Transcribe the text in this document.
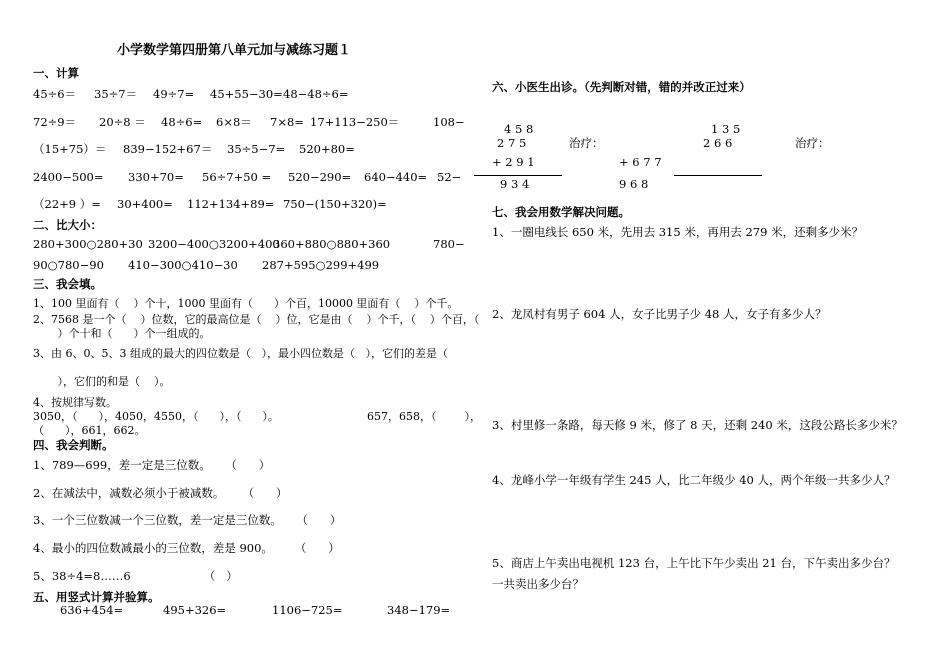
小学数学第四册第八单元加与减练习题１
一、计算
45÷6＝ 35÷7＝ 49÷7= 45+55−30= 48−48÷6=
72÷9＝ 20÷8 ＝ 48÷6= 6×8＝ 7×8= 17+113−250＝	108−
（15+75）＝ 839−152+67＝ 35÷5−7= 520+80=
2400−500= 330+70= 56÷7+50 = 520−290= 640−440= 52−
（22+9 ）= 30+400= 112+134+89= 750−(150+320)=
二、比大小：
280+300○280+30 3200−400○3200+400
360+880○880+360	780−
90○780−90 410−300○410−30 287+595○299+499
三、我会填。
1、100 里面有（    ）个十，1000 里面有（      ）个百，10000 里面有（    ）个千。
2、7568 是一个（    ）位数，它的最高位是（    ）位，它是由（    ）个千，（    ）个百，（
）个十和（      ）个一组成的。
3、由 6、0、5、3 组成的最大的四位数是（   ），最小四位数是（   ），它们的差是（
），它们的和是（    ）。
4、按规律写数。
3050，（      ），4050，4550，（      ），（      ）。	657，658，（        ），
（      ），661，662。
四、我会判断。
1、789—699，差一定是三位数。    （      ）
2、在减法中，减数必须小于被减数。     （      ）
3、一个三位数减一个三位数，差一定是三位数。    （      ）
4、最小的四位数减最小的三位数，差是 900。      （      ）
5、38÷4=8……6                    （   ）
五、用竖式计算并验算。
636+454=	495+326=	1106−725=	348−179=
六、小医生出诊。（先判断对错，错的并改正过来）
4 5 8
2 7 5
+ 2 9 1
9 3 4
治疗：
1 3 5
2 6 6
+ 6 7 7
9 6 8
治疗：
七、我会用数学解决问题。
1、一圈电线长 650 米，先用去 315 米，再用去 279 米，还剩多少米？
2、龙凤村有男子 604 人，女子比男子少 48 人，女子有多少人？
3、村里修一条路，每天修 9 米，修了 8 天，还剩 240 米，这段公路长多少米？
4、龙峰小学一年级有学生 245 人，比二年级少 40 人，两个年级一共多少人？
5、商店上午卖出电视机 123 台，上午比下午少卖出 21 台，下午卖出多少台？
一共卖出多少台？
